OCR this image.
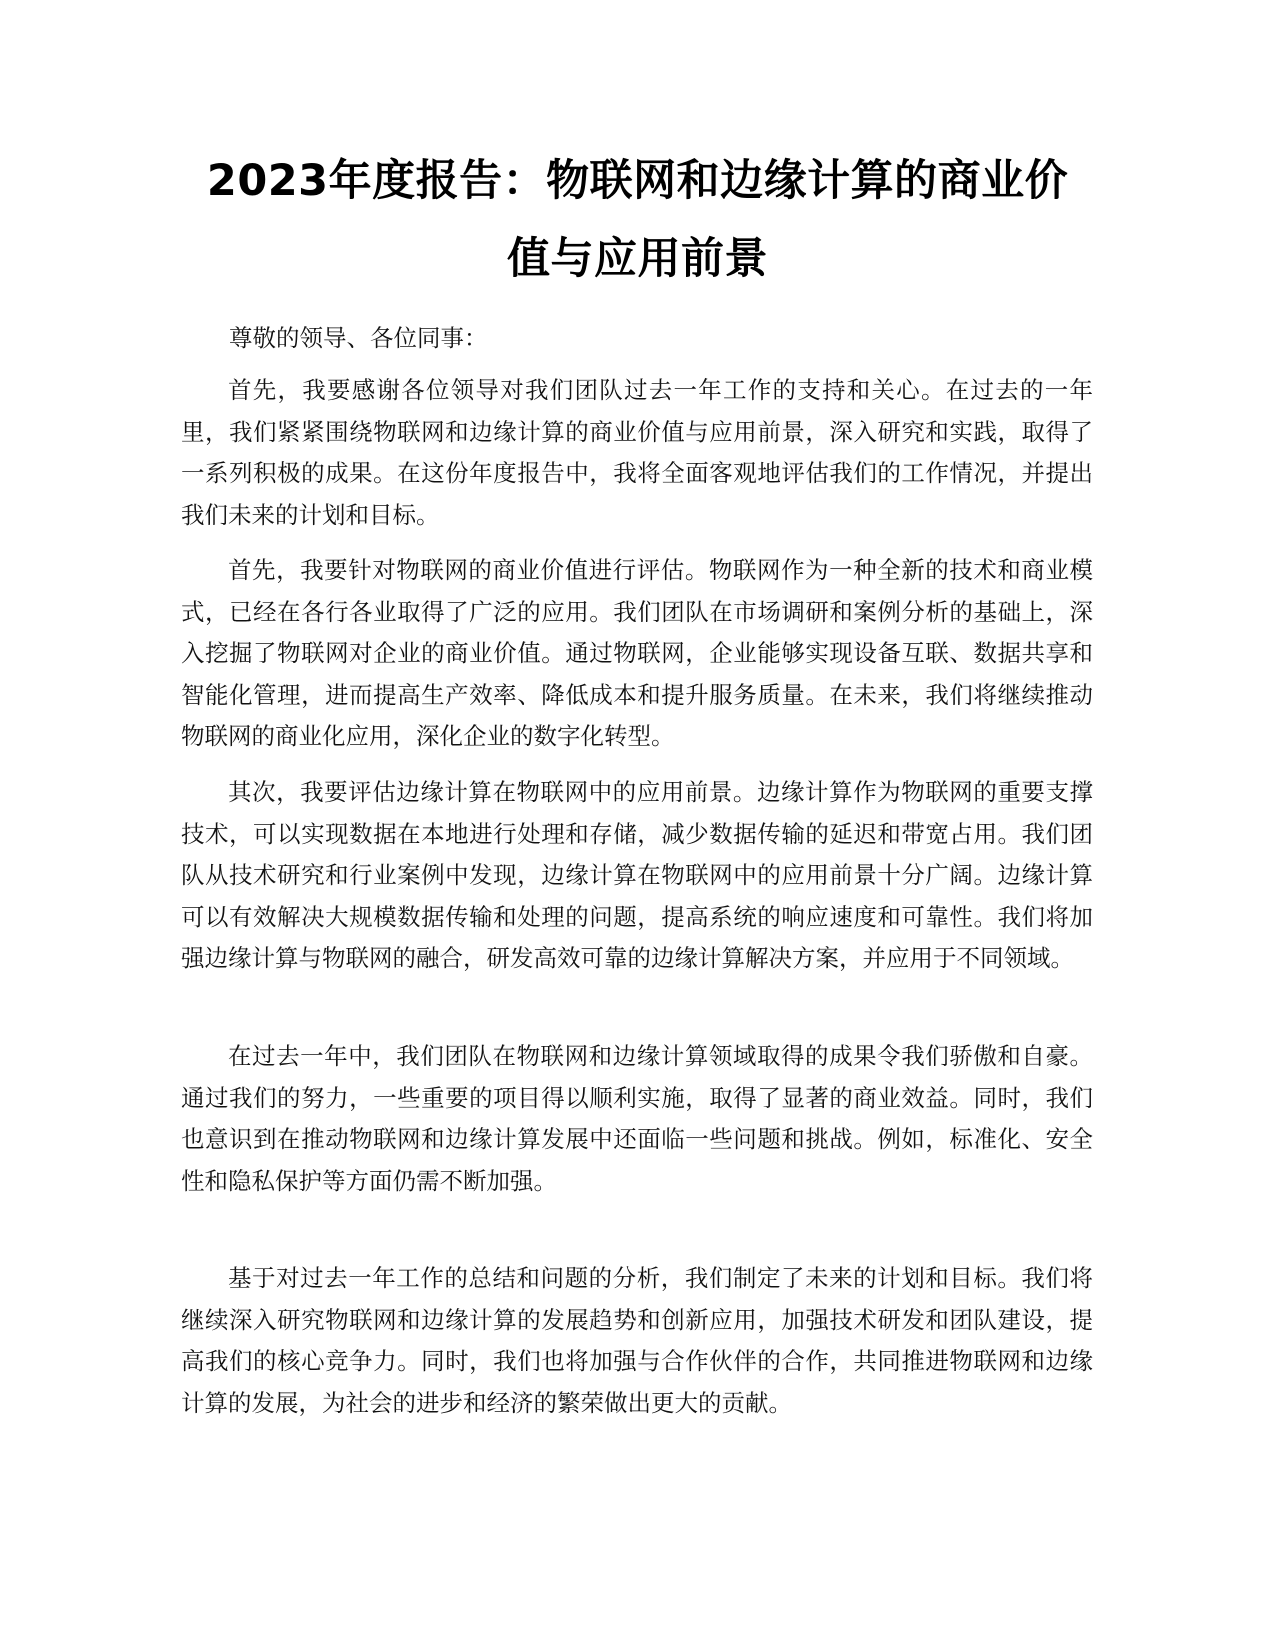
2023年度报告：物联网和边缘计算的商业价
值与应用前景

尊敬的领导、各位同事：

首先，我要感谢各位领导对我们团队过去一年工作的支持和关心。在过去的一年里，我们紧紧围绕物联网和边缘计算的商业价值与应用前景，深入研究和实践，取得了一系列积极的成果。在这份年度报告中，我将全面客观地评估我们的工作情况，并提出我们未来的计划和目标。

首先，我要针对物联网的商业价值进行评估。物联网作为一种全新的技术和商业模式，已经在各行各业取得了广泛的应用。我们团队在市场调研和案例分析的基础上，深入挖掘了物联网对企业的商业价值。通过物联网，企业能够实现设备互联、数据共享和智能化管理，进而提高生产效率、降低成本和提升服务质量。在未来，我们将继续推动物联网的商业化应用，深化企业的数字化转型。

其次，我要评估边缘计算在物联网中的应用前景。边缘计算作为物联网的重要支撑技术，可以实现数据在本地进行处理和存储，减少数据传输的延迟和带宽占用。我们团队从技术研究和行业案例中发现，边缘计算在物联网中的应用前景十分广阔。边缘计算可以有效解决大规模数据传输和处理的问题，提高系统的响应速度和可靠性。我们将加强边缘计算与物联网的融合，研发高效可靠的边缘计算解决方案，并应用于不同领域。

在过去一年中，我们团队在物联网和边缘计算领域取得的成果令我们骄傲和自豪。通过我们的努力，一些重要的项目得以顺利实施，取得了显著的商业效益。同时，我们也意识到在推动物联网和边缘计算发展中还面临一些问题和挑战。例如，标准化、安全性和隐私保护等方面仍需不断加强。

基于对过去一年工作的总结和问题的分析，我们制定了未来的计划和目标。我们将继续深入研究物联网和边缘计算的发展趋势和创新应用，加强技术研发和团队建设，提高我们的核心竞争力。同时，我们也将加强与合作伙伴的合作，共同推进物联网和边缘计算的发展，为社会的进步和经济的繁荣做出更大的贡献。
